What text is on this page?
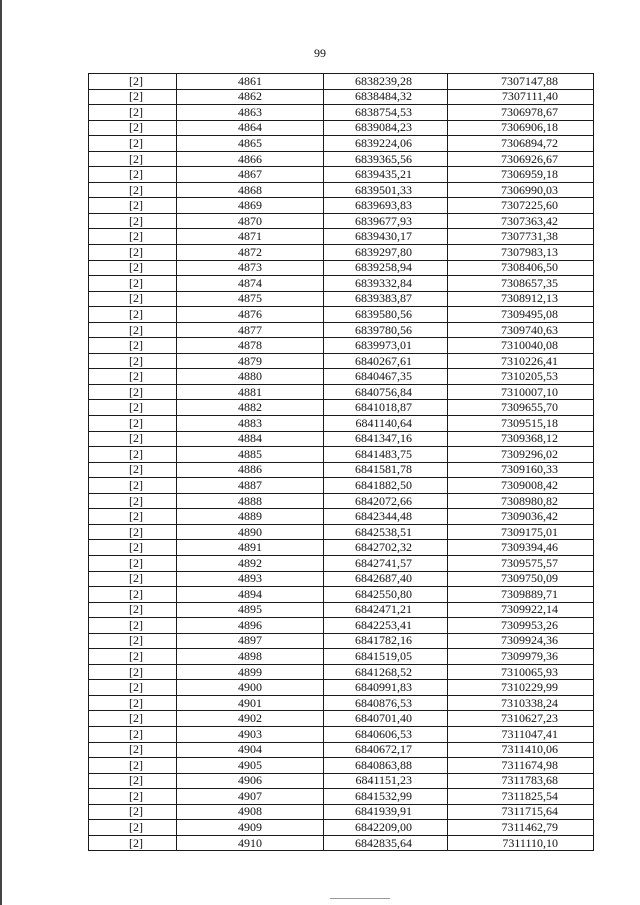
99
[2]	4861	6838239,28	7307147,88
[2]	4862	6838484,32	7307111,40
[2]	4863	6838754,53	7306978,67
[2]	4864	6839084,23	7306906,18
[2]	4865	6839224,06	7306894,72
[2]	4866	6839365,56	7306926,67
[2]	4867	6839435,21	7306959,18
[2]	4868	6839501,33	7306990,03
[2]	4869	6839693,83	7307225,60
[2]	4870	6839677,93	7307363,42
[2]	4871	6839430,17	7307731,38
[2]	4872	6839297,80	7307983,13
[2]	4873	6839258,94	7308406,50
[2]	4874	6839332,84	7308657,35
[2]	4875	6839383,87	7308912,13
[2]	4876	6839580,56	7309495,08
[2]	4877	6839780,56	7309740,63
[2]	4878	6839973,01	7310040,08
[2]	4879	6840267,61	7310226,41
[2]	4880	6840467,35	7310205,53
[2]	4881	6840756,84	7310007,10
[2]	4882	6841018,87	7309655,70
[2]	4883	6841140,64	7309515,18
[2]	4884	6841347,16	7309368,12
[2]	4885	6841483,75	7309296,02
[2]	4886	6841581,78	7309160,33
[2]	4887	6841882,50	7309008,42
[2]	4888	6842072,66	7308980,82
[2]	4889	6842344,48	7309036,42
[2]	4890	6842538,51	7309175,01
[2]	4891	6842702,32	7309394,46
[2]	4892	6842741,57	7309575,57
[2]	4893	6842687,40	7309750,09
[2]	4894	6842550,80	7309889,71
[2]	4895	6842471,21	7309922,14
[2]	4896	6842253,41	7309953,26
[2]	4897	6841782,16	7309924,36
[2]	4898	6841519,05	7309979,36
[2]	4899	6841268,52	7310065,93
[2]	4900	6840991,83	7310229,99
[2]	4901	6840876,53	7310338,24
[2]	4902	6840701,40	7310627,23
[2]	4903	6840606,53	7311047,41
[2]	4904	6840672,17	7311410,06
[2]	4905	6840863,88	7311674,98
[2]	4906	6841151,23	7311783,68
[2]	4907	6841532,99	7311825,54
[2]	4908	6841939,91	7311715,64
[2]	4909	6842209,00	7311462,79
[2]	4910	6842835,64	7311110,10
